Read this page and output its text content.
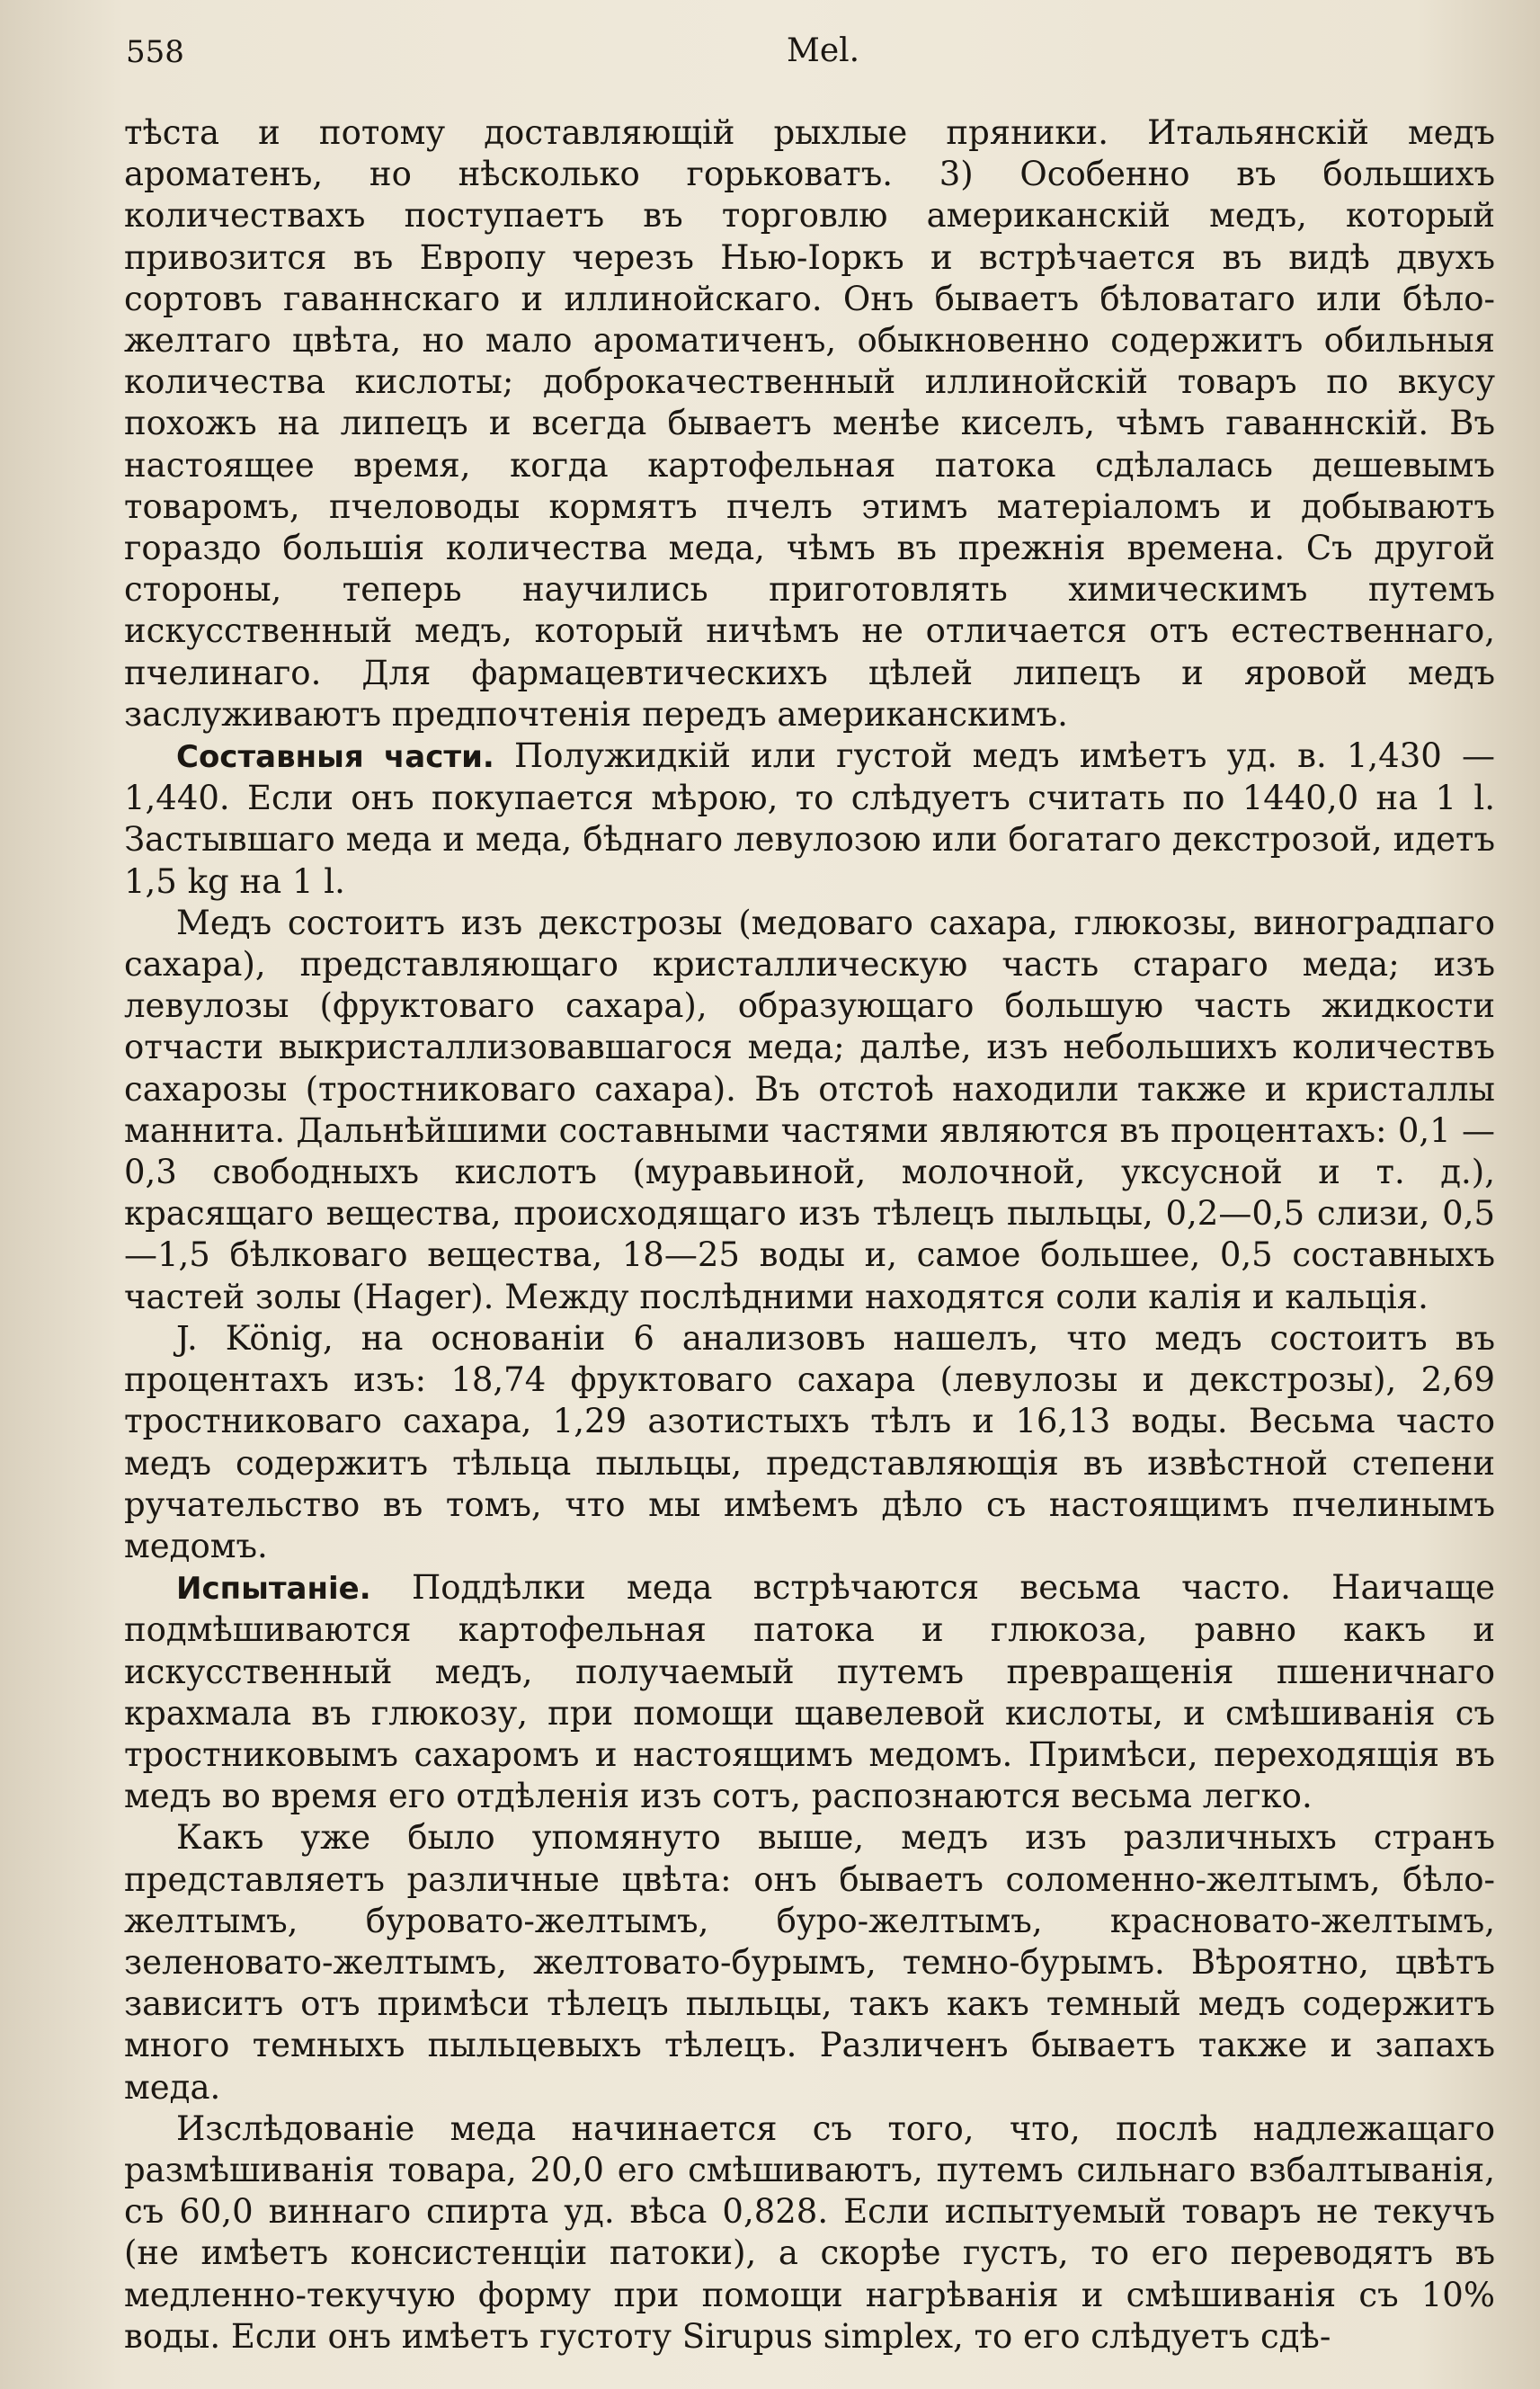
558	Mel.

тѣста и потому доставляющій рыхлые пряники. Итальянскій медъ ароматенъ, но нѣсколько горьковатъ. 3) Особенно въ большихъ количествахъ поступаетъ въ торговлю американскій медъ, который привозится въ Европу черезъ Нью-Іоркъ и встрѣчается въ видѣ двухъ сортовъ гаваннскаго и иллинойскаго. Онъ бываетъ бѣловатаго или бѣло-желтаго цвѣта, но мало ароматиченъ, обыкновенно содержитъ обильныя количества кислоты; доброкачественный иллинойскій товаръ по вкусу похожъ на липецъ и всегда бываетъ менѣе киселъ, чѣмъ гаваннскій. Въ настоящее время, когда картофельная патока сдѣлалась дешевымъ товаромъ, пчеловоды кормятъ пчелъ этимъ матеріаломъ и добываютъ гораздо большія количества меда, чѣмъ въ прежнія времена. Съ другой стороны, теперь научились приготовлять химическимъ путемъ искусственный медъ, который ничѣмъ не отличается отъ естественнаго, пчелинаго. Для фармацевтическихъ цѣлей липецъ и яровой медъ заслуживаютъ предпочтенія передъ американскимъ.

Составныя части. Полужидкій или густой медъ имѣетъ уд. в. 1,430 — 1,440. Если онъ покупается мѣрою, то слѣдуетъ считать по 1440,0 на 1 l. Застывшаго меда и меда, бѣднаго левулозою или богатаго декстрозой, идетъ 1,5 kg на 1 l.

Медъ состоитъ изъ декстрозы (медоваго сахара, глюкозы, виноградпаго сахара), представляющаго кристаллическую часть стараго меда; изъ левулозы (фруктоваго сахара), образующаго большую часть жидкости отчасти выкристаллизовавшагося меда; далѣе, изъ небольшихъ количествъ сахарозы (тростниковаго сахара). Въ отстоѣ находили также и кристаллы маннита. Дальнѣйшими составными частями являются въ процентахъ: 0,1 — 0,3 свободныхъ кислотъ (муравьиной, молочной, уксусной и т. д.), красящаго вещества, происходящаго изъ тѣлецъ пыльцы, 0,2—0,5 слизи, 0,5—1,5 бѣлковаго вещества, 18—25 воды и, самое большее, 0,5 составныхъ частей золы (Hager). Между послѣдними находятся соли калія и кальція.

J. König, на основаніи 6 анализовъ нашелъ, что медъ состоитъ въ процентахъ изъ: 18,74 фруктоваго сахара (левулозы и декстрозы), 2,69 тростниковаго сахара, 1,29 азотистыхъ тѣлъ и 16,13 воды. Весьма часто медъ содержитъ тѣльца пыльцы, представляющія въ извѣстной степени ручательство въ томъ, что мы имѣемъ дѣло съ настоящимъ пчелинымъ медомъ.

Испытаніе. Поддѣлки меда встрѣчаются весьма часто. Наичаще подмѣшиваются картофельная патока и глюкоза, равно какъ и искусственный медъ, получаемый путемъ превращенія пшеничнаго крахмала въ глюкозу, при помощи щавелевой кислоты, и смѣшиванія съ тростниковымъ сахаромъ и настоящимъ медомъ. Примѣси, переходящія въ медъ во время его отдѣленія изъ сотъ, распознаются весьма легко.

Какъ уже было упомянуто выше, медъ изъ различныхъ странъ представляетъ различные цвѣта: онъ бываетъ соломенно-желтымъ, бѣло-желтымъ, буровато-желтымъ, буро-желтымъ, красновато-желтымъ, зеленовато-желтымъ, желтовато-бурымъ, темно-бурымъ. Вѣроятно, цвѣтъ зависитъ отъ примѣси тѣлецъ пыльцы, такъ какъ темный медъ содержитъ много темныхъ пыльцевыхъ тѣлецъ. Различенъ бываетъ также и запахъ меда.

Изслѣдованіе меда начинается съ того, что, послѣ надлежащаго размѣшиванія товара, 20,0 его смѣшиваютъ, путемъ сильнаго взбалтыванія, съ 60,0 виннаго спирта уд. вѣса 0,828. Если испытуемый товаръ не текучъ (не имѣетъ консистенціи патоки), а скорѣе густъ, то его переводятъ въ медленно-текучую форму при помощи нагрѣванія и смѣшиванія съ 10% воды. Если онъ имѣетъ густоту Sirupus simplex, то его слѣдуетъ сдѣ-
